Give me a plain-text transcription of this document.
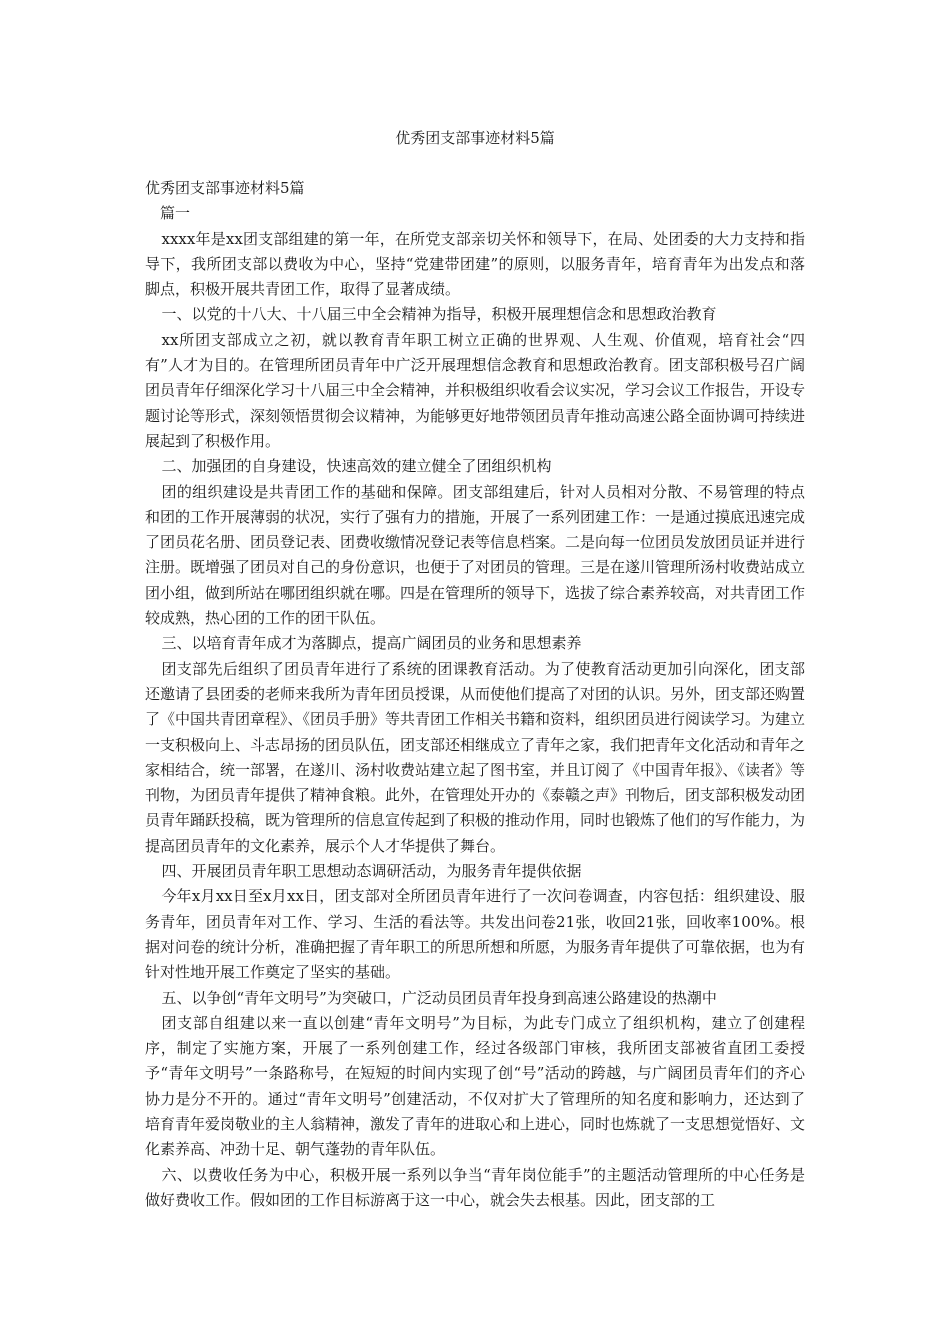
优秀团支部事迹材料5篇

优秀团支部事迹材料5篇

篇一

xxxx年是xx团支部组建的第一年，在所党支部亲切关怀和领导下，在局、处团委的大力支持和指导下，我所团支部以费收为中心，坚持“党建带团建”的原则，以服务青年，培育青年为出发点和落脚点，积极开展共青团工作，取得了显著成绩。

一、以党的十八大、十八届三中全会精神为指导，积极开展理想信念和思想政治教育

xx所团支部成立之初，就以教育青年职工树立正确的世界观、人生观、价值观，培育社会“四有”人才为目的。在管理所团员青年中广泛开展理想信念教育和思想政治教育。团支部积极号召广阔团员青年仔细深化学习十八届三中全会精神，并积极组织收看会议实况，学习会议工作报告，开设专题讨论等形式，深刻领悟贯彻会议精神，为能够更好地带领团员青年推动高速公路全面协调可持续进展起到了积极作用。

二、加强团的自身建设，快速高效的建立健全了团组织机构

团的组织建设是共青团工作的基础和保障。团支部组建后，针对人员相对分散、不易管理的特点和团的工作开展薄弱的状况，实行了强有力的措施，开展了一系列团建工作：一是通过摸底迅速完成了团员花名册、团员登记表、团费收缴情况登记表等信息档案。二是向每一位团员发放团员证并进行注册。既增强了团员对自己的身份意识，也便于了对团员的管理。三是在遂川管理所汤村收费站成立团小组，做到所站在哪团组织就在哪。四是在管理所的领导下，选拔了综合素养较高，对共青团工作较成熟，热心团的工作的团干队伍。

三、以培育青年成才为落脚点，提高广阔团员的业务和思想素养

团支部先后组织了团员青年进行了系统的团课教育活动。为了使教育活动更加引向深化，团支部还邀请了县团委的老师来我所为青年团员授课，从而使他们提高了对团的认识。另外，团支部还购置了《中国共青团章程》、《团员手册》等共青团工作相关书籍和资料，组织团员进行阅读学习。为建立一支积极向上、斗志昂扬的团员队伍，团支部还相继成立了青年之家，我们把青年文化活动和青年之家相结合，统一部署，在遂川、汤村收费站建立起了图书室，并且订阅了《中国青年报》、《读者》等刊物，为团员青年提供了精神食粮。此外，在管理处开办的《泰赣之声》刊物后，团支部积极发动团员青年踊跃投稿，既为管理所的信息宣传起到了积极的推动作用，同时也锻炼了他们的写作能力，为提高团员青年的文化素养，展示个人才华提供了舞台。

四、开展团员青年职工思想动态调研活动，为服务青年提供依据

今年x月xx日至x月xx日，团支部对全所团员青年进行了一次问卷调查，内容包括：组织建设、服务青年，团员青年对工作、学习、生活的看法等。共发出问卷21张，收回21张，回收率100%。根据对问卷的统计分析，准确把握了青年职工的所思所想和所愿，为服务青年提供了可靠依据，也为有针对性地开展工作奠定了坚实的基础。

五、以争创“青年文明号”为突破口，广泛动员团员青年投身到高速公路建设的热潮中

团支部自组建以来一直以创建“青年文明号”为目标，为此专门成立了组织机构，建立了创建程序，制定了实施方案，开展了一系列创建工作，经过各级部门审核，我所团支部被省直团工委授予“青年文明号”一条路称号，在短短的时间内实现了创“号”活动的跨越，与广阔团员青年们的齐心协力是分不开的。通过“青年文明号”创建活动，不仅对扩大了管理所的知名度和影响力，还达到了培育青年爱岗敬业的主人翁精神，激发了青年的进取心和上进心，同时也炼就了一支思想觉悟好、文化素养高、冲劲十足、朝气蓬勃的青年队伍。

六、以费收任务为中心，积极开展一系列以争当“青年岗位能手”的主题活动管理所的中心任务是做好费收工作。假如团的工作目标游离于这一中心，就会失去根基。因此，团支部的工
